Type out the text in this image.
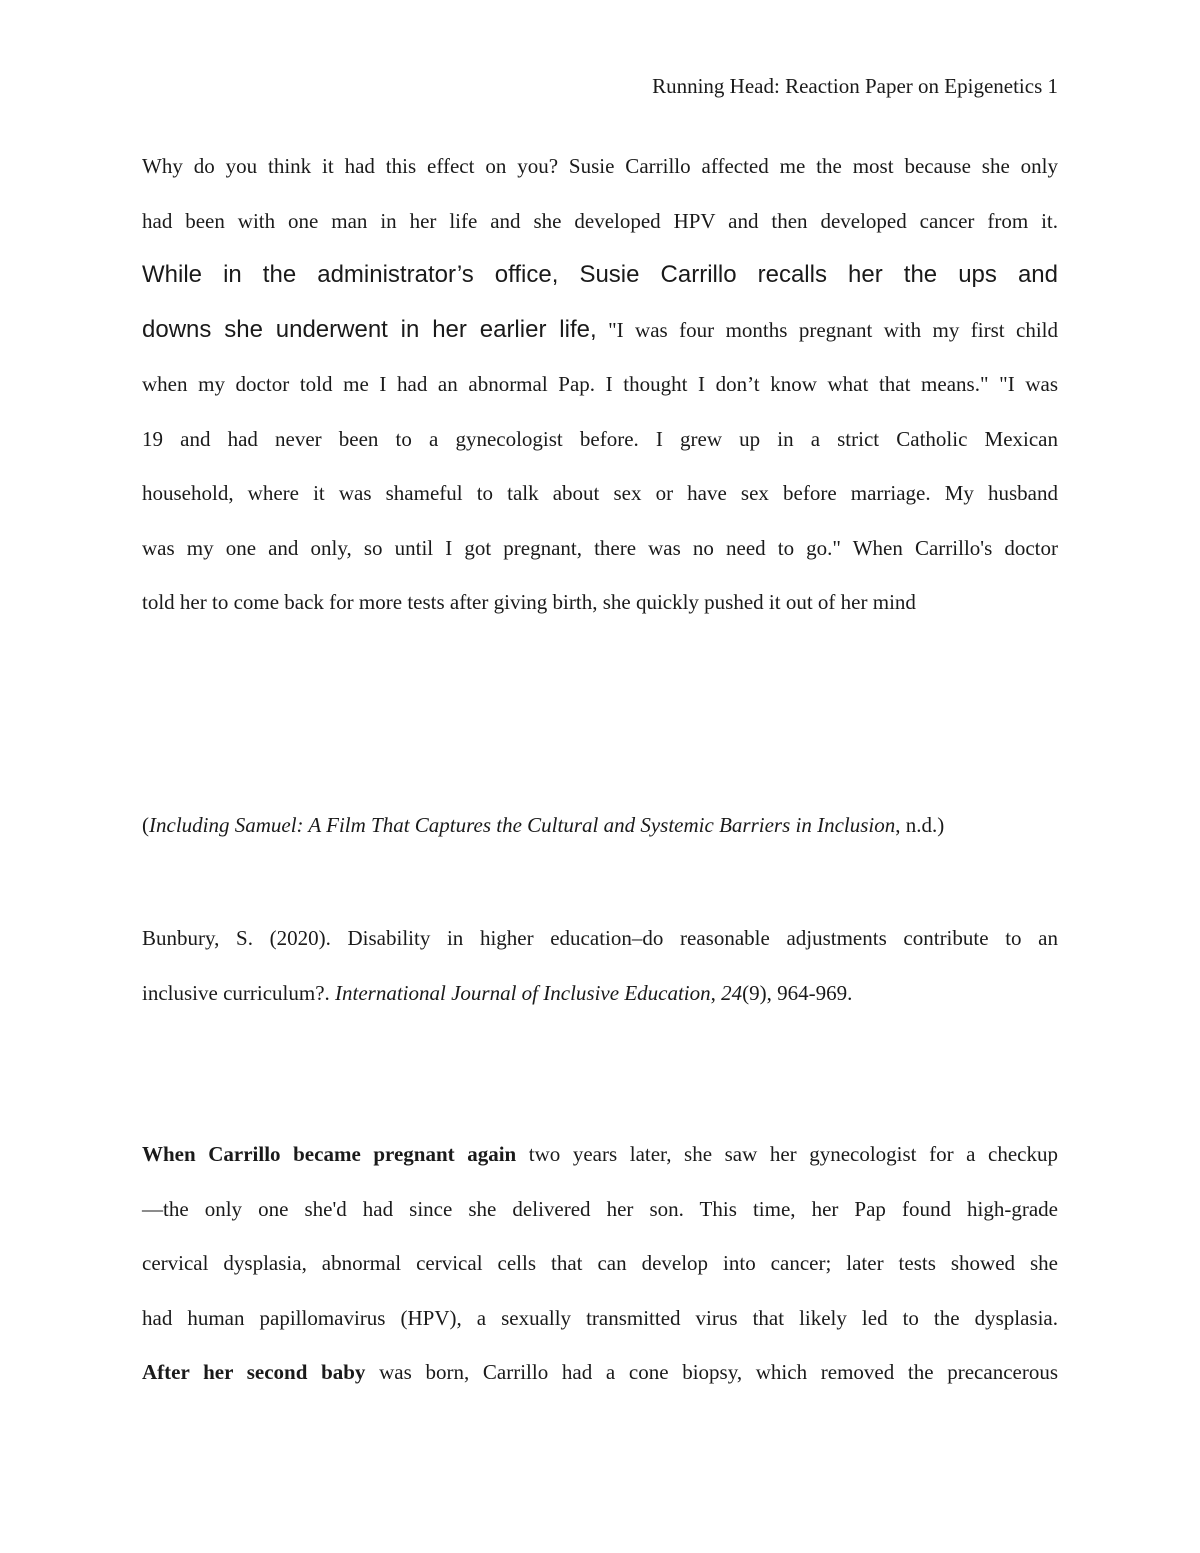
Running Head: Reaction Paper on Epigenetics 1
Why do you think it had this effect on you? Susie Carrillo affected me the most because she only
had been with one man in her life and she developed HPV and then developed cancer from it.
While in the administrator’s office, Susie Carrillo recalls her the ups and
downs she underwent in her earlier life, "I was four months pregnant with my first child
when my doctor told me I had an abnormal Pap. I thought I don’t know what that means." "I was
19 and had never been to a gynecologist before. I grew up in a strict Catholic Mexican
household, where it was shameful to talk about sex or have sex before marriage. My husband
was my one and only, so until I got pregnant, there was no need to go." When Carrillo's doctor
told her to come back for more tests after giving birth, she quickly pushed it out of her mind
(Including Samuel: A Film That Captures the Cultural and Systemic Barriers in Inclusion, n.d.)
Bunbury, S. (2020). Disability in higher education–do reasonable adjustments contribute to an
inclusive curriculum?. International Journal of Inclusive Education, 24(9), 964-969.
When Carrillo became pregnant again two years later, she saw her gynecologist for a checkup
—the only one she'd had since she delivered her son. This time, her Pap found high-grade
cervical dysplasia, abnormal cervical cells that can develop into cancer; later tests showed she
had human papillomavirus (HPV), a sexually transmitted virus that likely led to the dysplasia.
After her second baby was born, Carrillo had a cone biopsy, which removed the precancerous
